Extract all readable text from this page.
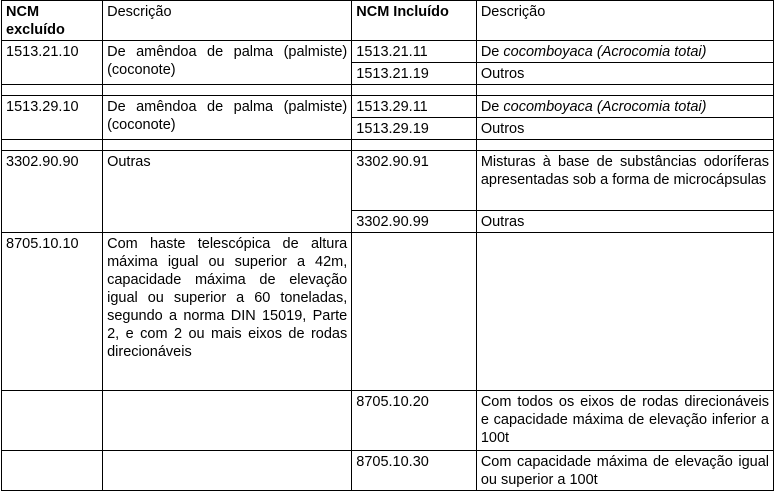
NCM excluído	Descrição	NCM Incluído	Descrição
1513.21.10	De amêndoa de palma (palmiste) (coconote)	1513.21.11	De cocomboyaca (Acrocomia totai)
		1513.21.19	Outros

1513.29.10	De amêndoa de palma (palmiste) (coconote)	1513.29.11	De cocomboyaca (Acrocomia totai)
		1513.29.19	Outros

3302.90.90	Outras	3302.90.91	Misturas à base de substâncias odoríferas apresentadas sob a forma de microcápsulas
		3302.90.99	Outras
8705.10.10	Com haste telescópica de altura máxima igual ou superior a 42m, capacidade máxima de elevação igual ou superior a 60 toneladas, segundo a norma DIN 15019, Parte 2, e com 2 ou mais eixos de rodas direcionáveis		
		8705.10.20	Com todos os eixos de rodas direcionáveis e capacidade máxima de elevação inferior a 100t
		8705.10.30	Com capacidade máxima de elevação igual ou superior a 100t
